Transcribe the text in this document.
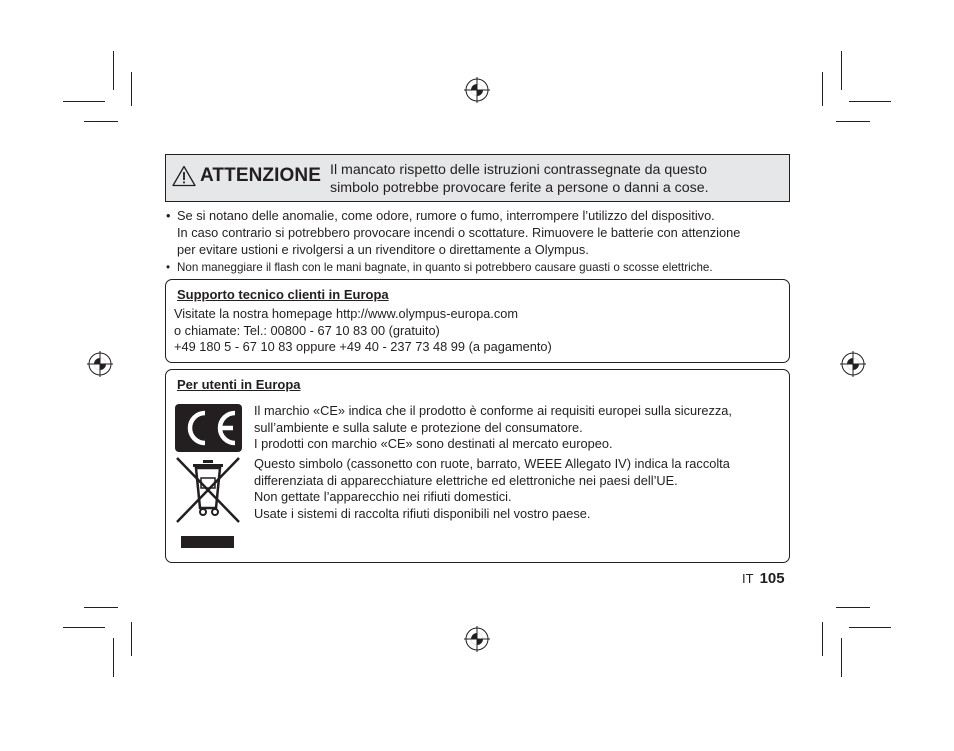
ATTENZIONE Il mancato rispetto delle istruzioni contrassegnate da questo
simbolo potrebbe provocare ferite a persone o danni a cose.
• Se si notano delle anomalie, come odore, rumore o fumo, interrompere l’utilizzo del dispositivo.
In caso contrario si potrebbero provocare incendi o scottature. Rimuovere le batterie con attenzione
per evitare ustioni e rivolgersi a un rivenditore o direttamente a Olympus.
• Non maneggiare il flash con le mani bagnate, in quanto si potrebbero causare guasti o scosse elettriche.
Supporto tecnico clienti in Europa
Visitate la nostra homepage http://www.olympus-europa.com
o chiamate: Tel.: 00800 - 67 10 83 00 (gratuito)
+49 180 5 - 67 10 83 oppure +49 40 - 237 73 48 99 (a pagamento)
Per utenti in Europa
Il marchio «CE» indica che il prodotto è conforme ai requisiti europei sulla sicurezza,
sull’ambiente e sulla salute e protezione del consumatore.
I prodotti con marchio «CE» sono destinati al mercato europeo.
Questo simbolo (cassonetto con ruote, barrato, WEEE Allegato IV) indica la raccolta
differenziata di apparecchiature elettriche ed elettroniche nei paesi dell’UE.
Non gettate l’apparecchio nei rifiuti domestici.
Usate i sistemi di raccolta rifiuti disponibili nel vostro paese.
IT 105
